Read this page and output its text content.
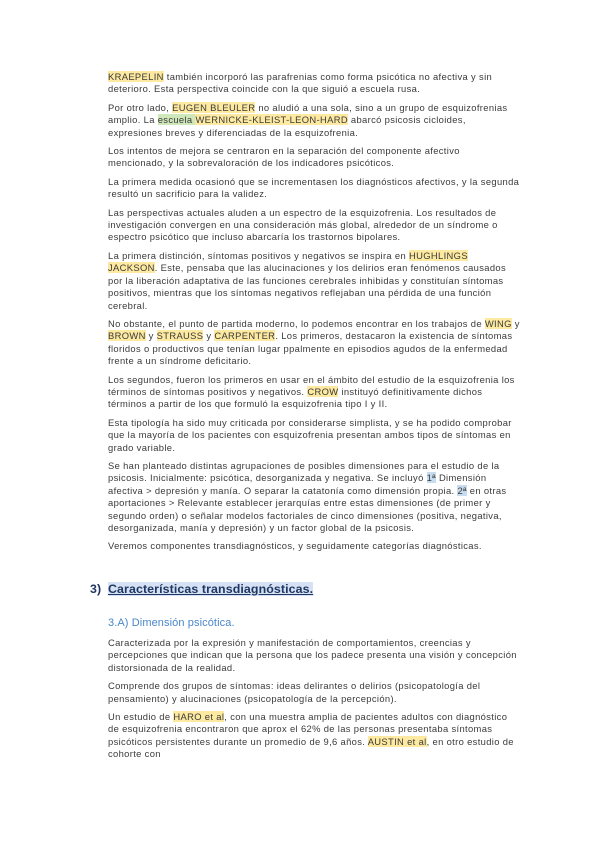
KRAEPELIN también incorporó las parafrenias como forma psicótica no afectiva y sin deterioro. Esta perspectiva coincide con la que siguió a escuela rusa.

Por otro lado, EUGEN BLEULER no aludió a una sola, sino a un grupo de esquizofrenias amplio. La escuela WERNICKE-KLEIST-LEON-HARD abarcó psicosis cicloides, expresiones breves y diferenciadas de la esquizofrenia.

Los intentos de mejora se centraron en la separación del componente afectivo mencionado, y la sobrevaloración de los indicadores psicóticos.

La primera medida ocasionó que se incrementasen los diagnósticos afectivos, y la segunda resultó un sacrificio para la validez.

Las perspectivas actuales aluden a un espectro de la esquizofrenia. Los resultados de investigación convergen en una consideración más global, alrededor de un síndrome o espectro psicótico que incluso abarcaría los trastornos bipolares.

La primera distinción, síntomas positivos y negativos se inspira en HUGHLINGS JACKSON. Este, pensaba que las alucinaciones y los delirios eran fenómenos causados por la liberación adaptativa de las funciones cerebrales inhibidas y constituían síntomas positivos, mientras que los síntomas negativos reflejaban una pérdida de una función cerebral.

No obstante, el punto de partida moderno, lo podemos encontrar en los trabajos de WING y BROWN y STRAUSS y CARPENTER. Los primeros, destacaron la existencia de síntomas floridos o productivos que tenían lugar ppalmente en episodios agudos de la enfermedad frente a un síndrome deficitario.

Los segundos, fueron los primeros en usar en el ámbito del estudio de la esquizofrenia los términos de síntomas positivos y negativos. CROW instituyó definitivamente dichos términos a partir de los que formuló la esquizofrenia tipo I y II.

Esta tipología ha sido muy criticada por considerarse simplista, y se ha podido comprobar que la mayoría de los pacientes con esquizofrenia presentan ambos tipos de síntomas en grado variable.

Se han planteado distintas agrupaciones de posibles dimensiones para el estudio de la psicosis. Inicialmente: psicótica, desorganizada y negativa. Se incluyó 1ª Dimensión afectiva > depresión y manía. O separar la catatonía como dimensión propia. 2ª en otras aportaciones > Relevante establecer jerarquías entre estas dimensiones (de primer y segundo orden) o señalar modelos factoriales de cinco dimensiones (positiva, negativa, desorganizada, manía y depresión) y un factor global de la psicosis.

Veremos componentes transdiagnósticos, y seguidamente categorías diagnósticas.

3) Características transdiagnósticas.
3.A) Dimensión psicótica.

Caracterizada por la expresión y manifestación de comportamientos, creencias y percepciones que indican que la persona que los padece presenta una visión y concepción distorsionada de la realidad.

Comprende dos grupos de síntomas: ideas delirantes o delirios (psicopatología del pensamiento) y alucinaciones (psicopatología de la percepción).

Un estudio de HARO et al, con una muestra amplia de pacientes adultos con diagnóstico de esquizofrenia encontraron que aprox el 62% de las personas presentaba síntomas psicóticos persistentes durante un promedio de 9,6 años. AUSTIN et al, en otro estudio de cohorte con
